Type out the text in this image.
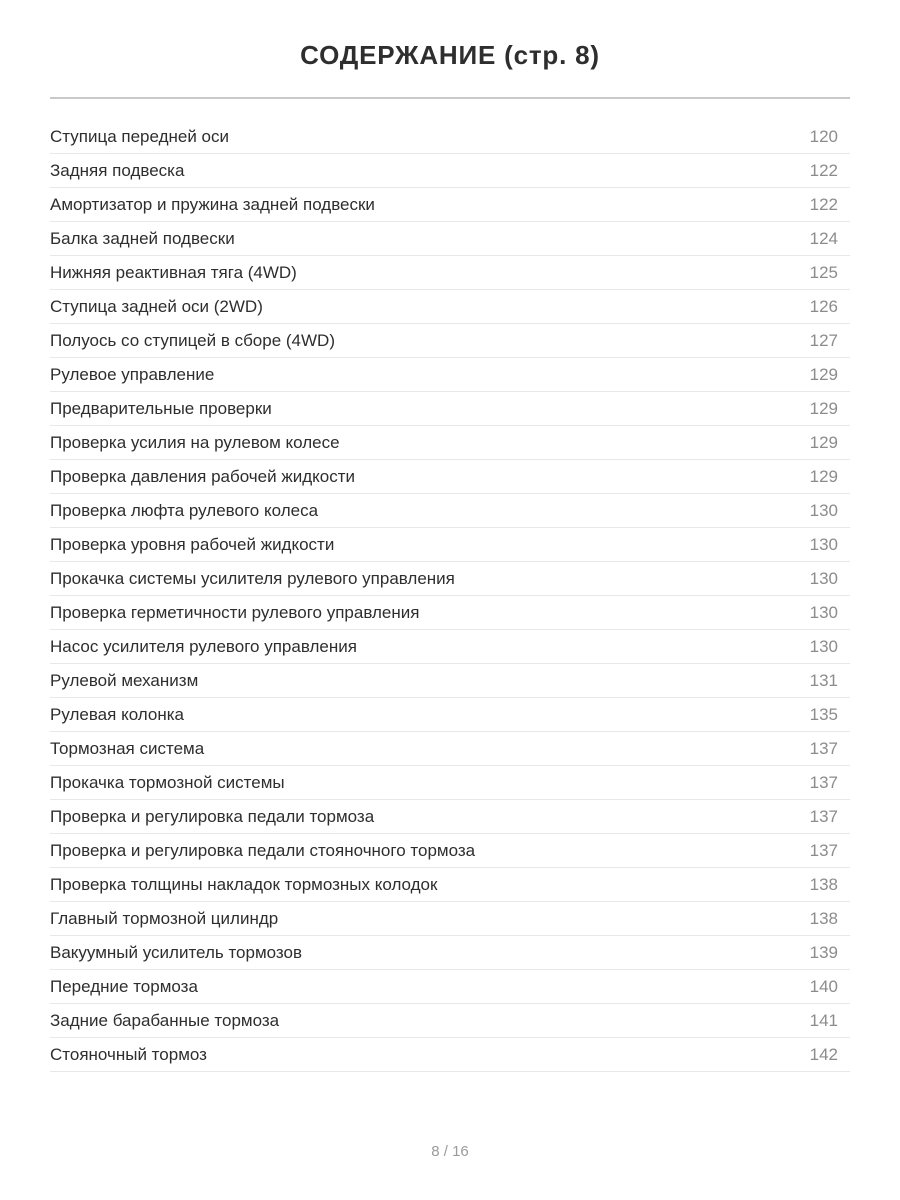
СОДЕРЖАНИЕ (стр. 8)
Ступица передней оси	120
Задняя подвеска	122
Амортизатор и пружина задней подвески	122
Балка задней подвески	124
Нижняя реактивная тяга (4WD)	125
Ступица задней оси (2WD)	126
Полуось со ступицей в сборе (4WD)	127
Рулевое управление	129
Предварительные проверки	129
Проверка усилия на рулевом колесе	129
Проверка давления рабочей жидкости	129
Проверка люфта рулевого колеса	130
Проверка уровня рабочей жидкости	130
Прокачка системы усилителя рулевого управления	130
Проверка герметичности рулевого управления	130
Насос усилителя рулевого управления	130
Рулевой механизм	131
Рулевая колонка	135
Тормозная система	137
Прокачка тормозной системы	137
Проверка и регулировка педали тормоза	137
Проверка и регулировка педали стояночного тормоза	137
Проверка толщины накладок тормозных колодок	138
Главный тормозной цилиндр	138
Вакуумный усилитель тормозов	139
Передние тормоза	140
Задние барабанные тормоза	141
Стояночный тормоз	142
8 / 16
